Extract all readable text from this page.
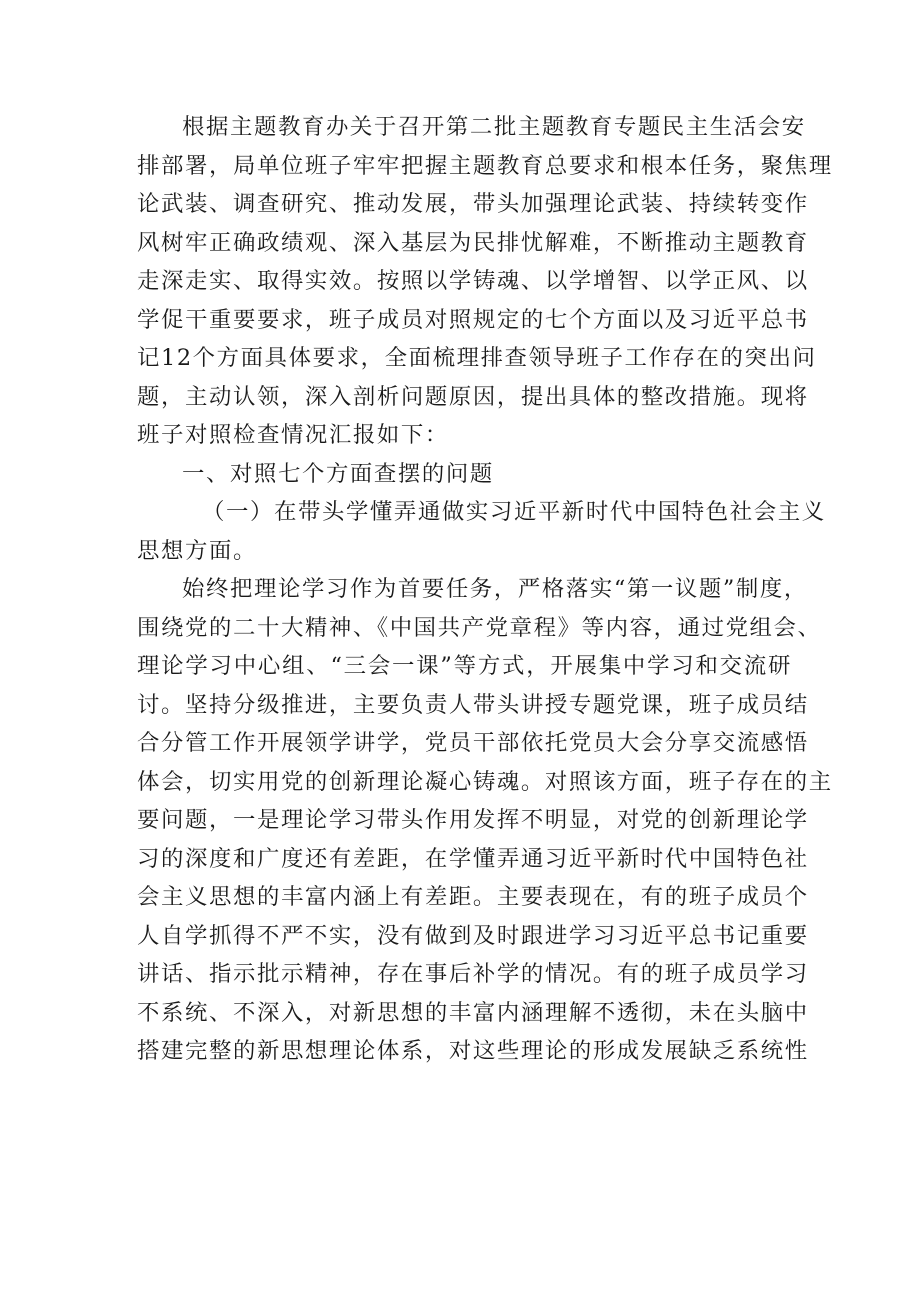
根据主题教育办关于召开第二批主题教育专题民主生活会安
排部署，局单位班子牢牢把握主题教育总要求和根本任务，聚焦理
论武装、调查研究、推动发展，带头加强理论武装、持续转变作
风树牢正确政绩观、深入基层为民排忧解难，不断推动主题教育
走深走实、取得实效。按照以学铸魂、以学增智、以学正风、以
学促干重要要求，班子成员对照规定的七个方面以及习近平总书
记12个方面具体要求，全面梳理排查领导班子工作存在的突出问
题，主动认领，深入剖析问题原因，提出具体的整改措施。现将
班子对照检查情况汇报如下：
一、对照七个方面查摆的问题
（一）在带头学懂弄通做实习近平新时代中国特色社会主义
思想方面。
始终把理论学习作为首要任务，严格落实“第一议题”制度，
围绕党的二十大精神、《中国共产党章程》等内容，通过党组会、
理论学习中心组、“三会一课”等方式，开展集中学习和交流研
讨。坚持分级推进，主要负责人带头讲授专题党课，班子成员结
合分管工作开展领学讲学，党员干部依托党员大会分享交流感悟
体会，切实用党的创新理论凝心铸魂。对照该方面，班子存在的主
要问题，一是理论学习带头作用发挥不明显，对党的创新理论学
习的深度和广度还有差距，在学懂弄通习近平新时代中国特色社
会主义思想的丰富内涵上有差距。主要表现在，有的班子成员个
人自学抓得不严不实，没有做到及时跟进学习习近平总书记重要
讲话、指示批示精神，存在事后补学的情况。有的班子成员学习
不系统、不深入，对新思想的丰富内涵理解不透彻，未在头脑中
搭建完整的新思想理论体系，对这些理论的形成发展缺乏系统性
